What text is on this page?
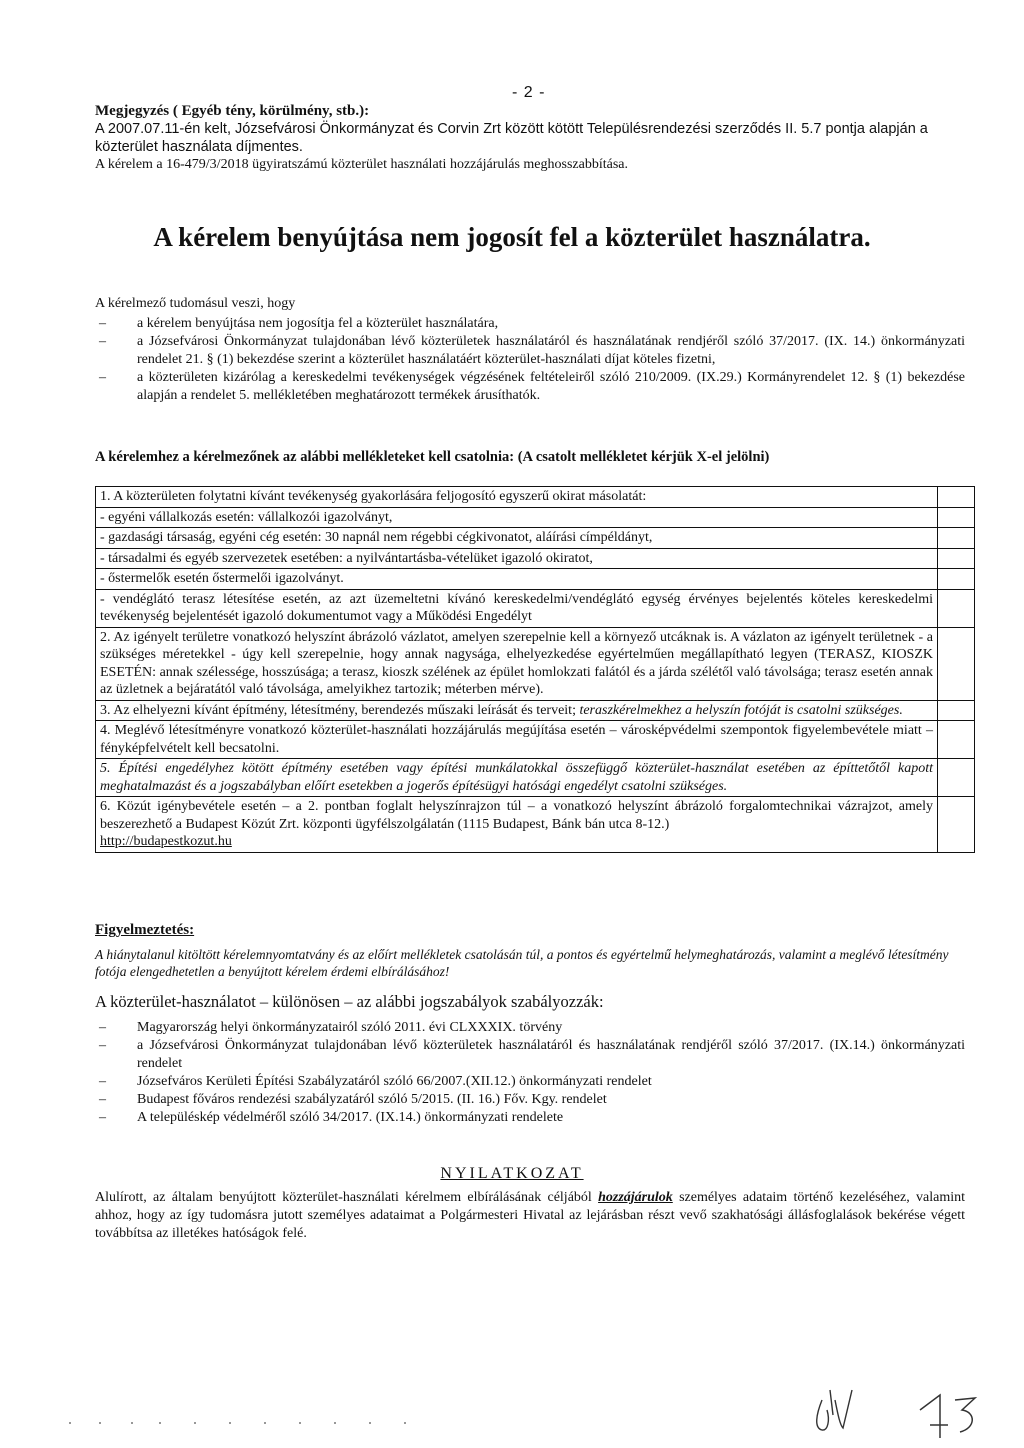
- 2 -

Megjegyzés ( Egyéb tény, körülmény, stb.):

A 2007.07.11-én kelt, Józsefvárosi Önkormányzat és Corvin Zrt között kötött Településrendezési szerződés II. 5.7 pontja alapján a közterület használata díjmentes.

A kérelem a 16-479/3/2018 ügyiratszámú közterület használati hozzájárulás meghosszabbítása.

A kérelem benyújtása nem jogosít fel a közterület használatra.

A kérelmező tudomásul veszi, hogy

– a kérelem benyújtása nem jogosítja fel a közterület használatára,
– a Józsefvárosi Önkormányzat tulajdonában lévő közterületek használatáról és használatának rendjéről szóló 37/2017. (IX. 14.) önkormányzati rendelet 21. § (1) bekezdése szerint a közterület használatáért közterület-használati díjat köteles fizetni,
– a közterületen kizárólag a kereskedelmi tevékenységek végzésének feltételeiről szóló 210/2009. (IX.29.) Kormányrendelet 12. § (1) bekezdése alapján a rendelet 5. mellékletében meghatározott termékek árusíthatók.
A kérelemhez a kérelmezőnek az alábbi mellékleteket kell csatolnia: (A csatolt mellékletet kérjük X-el jelölni)
1. A közterületen folytatni kívánt tevékenység gyakorlására feljogosító egyszerű okirat másolatát:	
- egyéni vállalkozás esetén: vállalkozói igazolványt,	
- gazdasági társaság, egyéni cég esetén: 30 napnál nem régebbi cégkivonatot, aláírási címpéldányt,	
- társadalmi és egyéb szervezetek esetében: a nyilvántartásba-vételüket igazoló okiratot,	
- őstermelők esetén őstermelői igazolványt.	
- vendéglátó terasz létesítése esetén, az azt üzemeltetni kívánó kereskedelmi/vendéglátó egység érvényes bejelentés köteles kereskedelmi tevékenység bejelentését igazoló dokumentumot vagy a Működési Engedélyt	
2. Az igényelt területre vonatkozó helyszínt ábrázoló vázlatot, amelyen szerepelnie kell a környező utcáknak is. A vázlaton az igényelt területnek - a szükséges méretekkel - úgy kell szerepelnie, hogy annak nagysága, elhelyezkedése egyértelműen megállapítható legyen (TERASZ, KIOSZK ESETÉN: annak szélessége, hosszúsága; a terasz, kioszk szélének az épület homlokzati falától és a járda szélétől való távolsága; terasz esetén annak az üzletnek a bejáratától való távolsága, amelyikhez tartozik; méterben mérve).	
3. Az elhelyezni kívánt építmény, létesítmény, berendezés műszaki leírását és terveit; teraszkérelmekhez a helyszín fotóját is csatolni szükséges.	
4. Meglévő létesítményre vonatkozó közterület-használati hozzájárulás megújítása esetén – városképvédelmi szempontok figyelembevétele miatt – fényképfelvételt kell becsatolni.	
5. Építési engedélyhez kötött építmény esetében vagy építési munkálatokkal összefüggő közterület-használat esetében az építtetőtől kapott meghatalmazást és a jogszabályban előírt esetekben a jogerős építésügyi hatósági engedélyt csatolni szükséges.	
6. Közút igénybevétele esetén – a 2. pontban foglalt helyszínrajzon túl – a vonatkozó helyszínt ábrázoló forgalomtechnikai vázrajzot, amely beszerezhető a Budapest Közút Zrt. központi ügyfélszolgálatán (1115 Budapest, Bánk bán utca 8-12.)
http://budapestkozut.hu	
Figyelmeztetés:
A hiánytalanul kitöltött kérelemnyomtatvány és az előírt mellékletek csatolásán túl, a pontos és egyértelmű helymeghatározás, valamint a meglévő létesítmény fotója elengedhetetlen a benyújtott kérelem érdemi elbírálásához!
A közterület-használatot – különösen – az alábbi jogszabályok szabályozzák:
– Magyarország helyi önkormányzatairól szóló 2011. évi CLXXXIX. törvény
– a Józsefvárosi Önkormányzat tulajdonában lévő közterületek használatáról és használatának rendjéről szóló 37/2017. (IX.14.) önkormányzati rendelet
– Józsefváros Kerületi Építési Szabályzatáról szóló 66/2007.(XII.12.) önkormányzati rendelet
– Budapest főváros rendezési szabályzatáról szóló 5/2015. (II. 16.) Főv. Kgy. rendelet
– A településkép védelméről szóló 34/2017. (IX.14.) önkormányzati rendelete
NYILATKOZAT
Alulírott, az általam benyújtott közterület-használati kérelmem elbírálásának céljából hozzájárulok személyes adataim történő kezeléséhez, valamint ahhoz, hogy az így tudomásra jutott személyes adataimat a Polgármesteri Hivatal az lejárásban részt vevő szakhatósági állásfoglalások bekérése végett továbbítsa az illetékes hatóságok felé.
